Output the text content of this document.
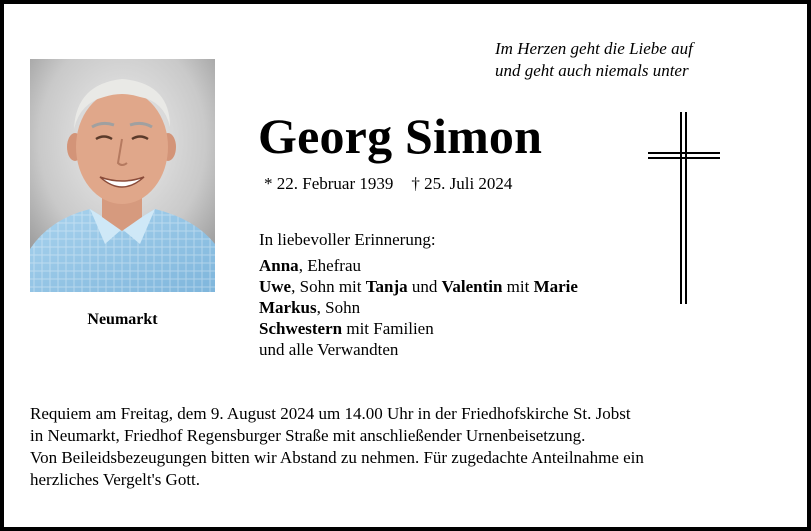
Im Herzen geht die Liebe auf
und geht auch niemals unter
Neumarkt
Georg Simon
* 22. Februar 1939 † 25. Juli 2024
In liebevoller Erinnerung:
Anna, Ehefrau
Uwe, Sohn mit Tanja und Valentin mit Marie
Markus, Sohn
Schwestern mit Familien
und alle Verwandten
Requiem am Freitag, dem 9. August 2024 um 14.00 Uhr in der Friedhofskirche St. Jobst
in Neumarkt, Friedhof Regensburger Straße mit anschließender Urnenbeisetzung.
Von Beileidsbezeugungen bitten wir Abstand zu nehmen. Für zugedachte Anteilnahme ein
herzliches Vergelt's Gott.
